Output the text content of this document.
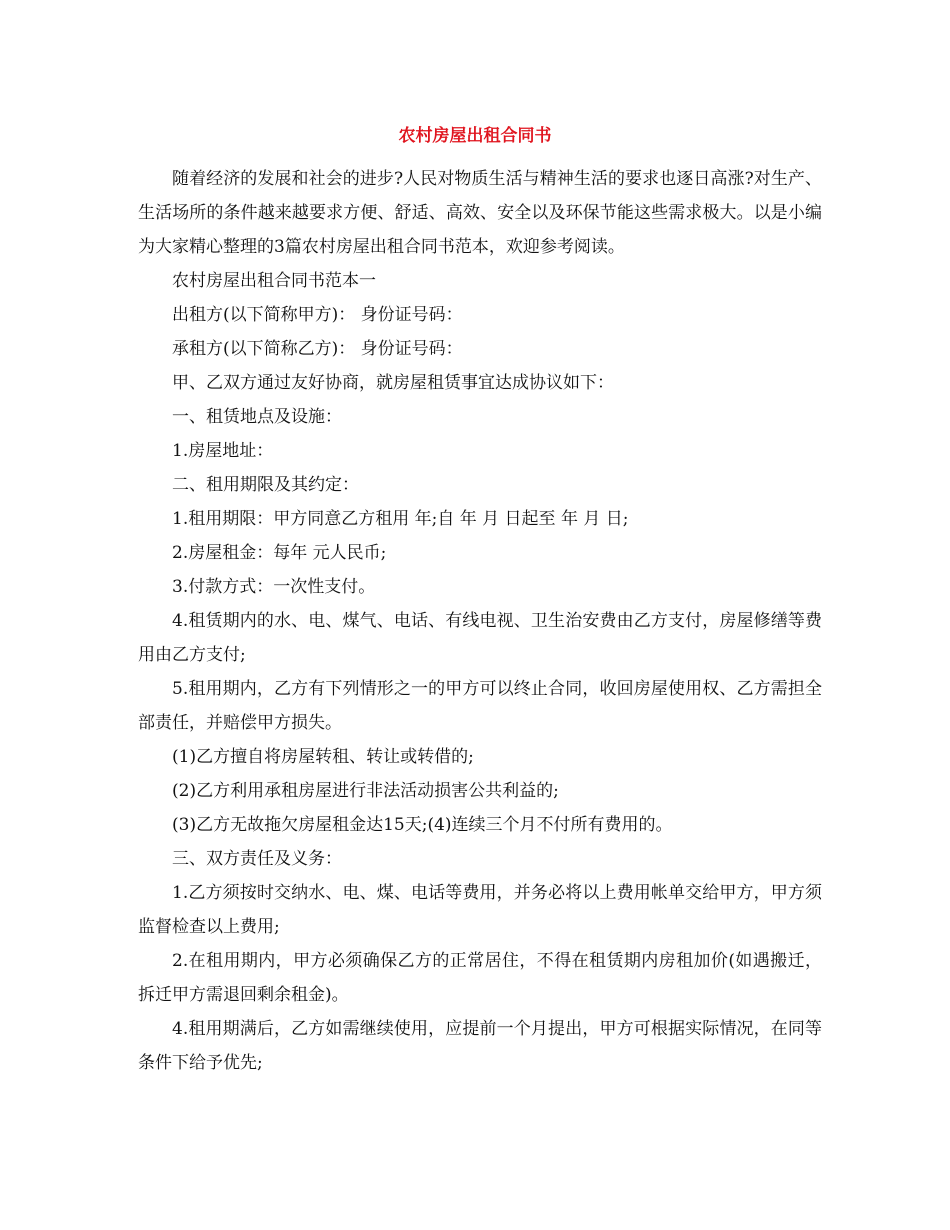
农村房屋出租合同书

随着经济的发展和社会的进步?人民对物质生活与精神生活的要求也逐日高涨?对生产、生活场所的条件越来越要求方便、舒适、高效、安全以及环保节能这些需求极大。以是小编为大家精心整理的3篇农村房屋出租合同书范本，欢迎参考阅读。

农村房屋出租合同书范本一

出租方(以下简称甲方)： 身份证号码：

承租方(以下简称乙方)： 身份证号码：

甲、乙双方通过友好协商，就房屋租赁事宜达成协议如下：

一、租赁地点及设施：

1.房屋地址：

二、租用期限及其约定：

1.租用期限：甲方同意乙方租用 年;自 年 月 日起至 年 月 日;

2.房屋租金：每年 元人民币;

3.付款方式：一次性支付。

4.租赁期内的水、电、煤气、电话、有线电视、卫生治安费由乙方支付，房屋修缮等费用由乙方支付;

5.租用期内，乙方有下列情形之一的甲方可以终止合同，收回房屋使用权、乙方需担全部责任，并赔偿甲方损失。

(1)乙方擅自将房屋转租、转让或转借的;

(2)乙方利用承租房屋进行非法活动损害公共利益的;

(3)乙方无故拖欠房屋租金达15天;(4)连续三个月不付所有费用的。

三、双方责任及义务：

1.乙方须按时交纳水、电、煤、电话等费用，并务必将以上费用帐单交给甲方，甲方须监督检查以上费用;

2.在租用期内，甲方必须确保乙方的正常居住，不得在租赁期内房租加价(如遇搬迁，拆迁甲方需退回剩余租金)。

4.租用期满后，乙方如需继续使用，应提前一个月提出，甲方可根据实际情况，在同等条件下给予优先;
